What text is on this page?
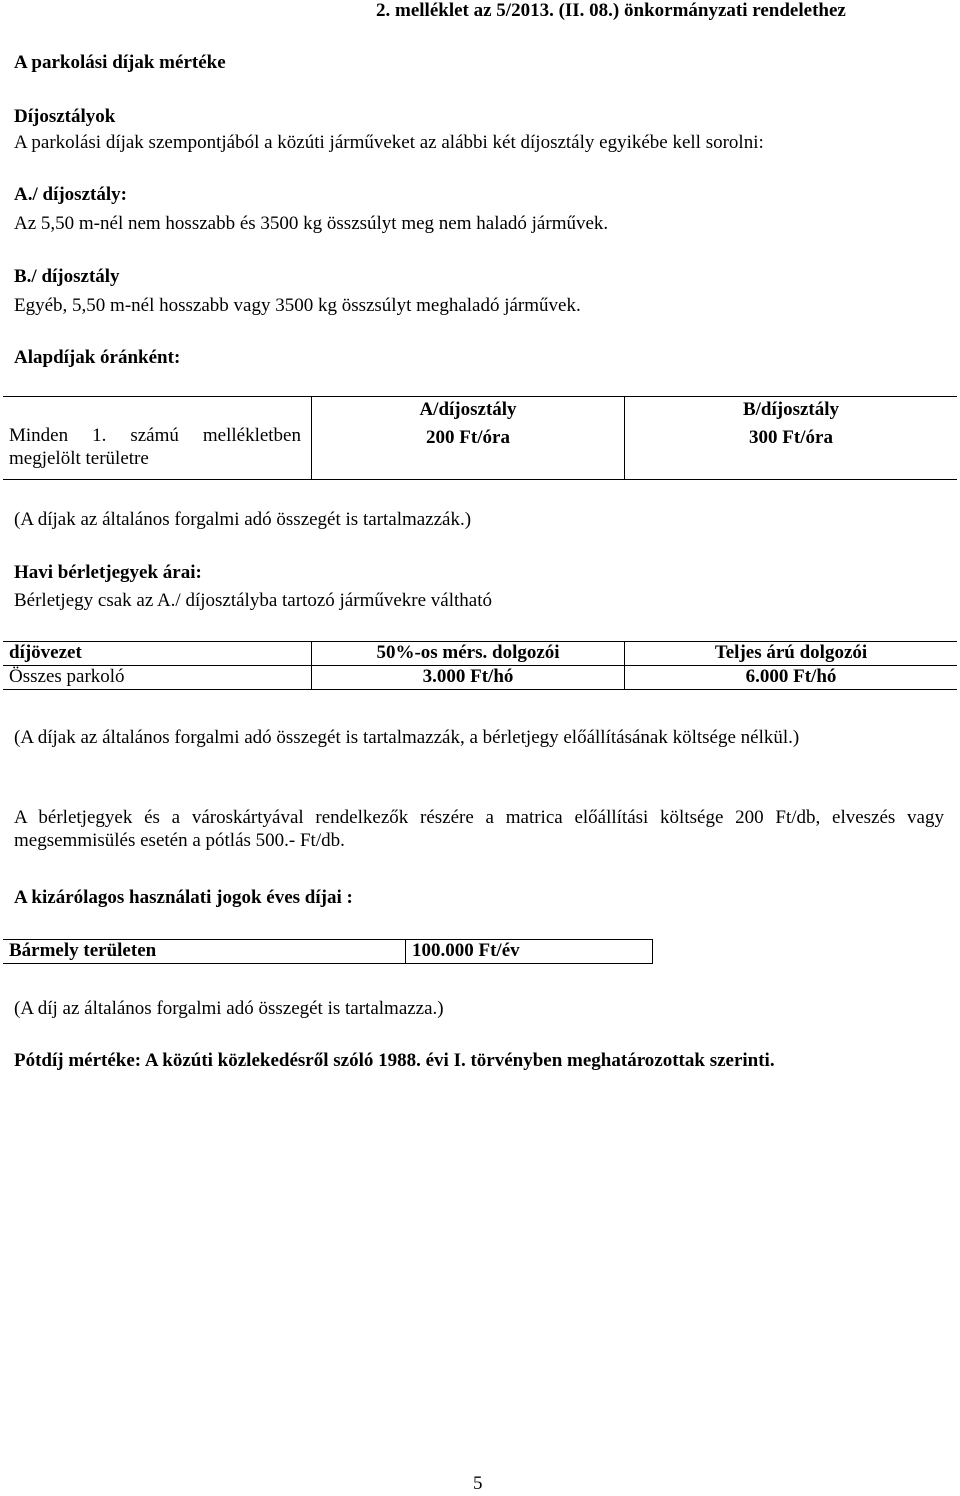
2. melléklet az 5/2013. (II. 08.) önkormányzati rendelethez
A parkolási díjak mértéke
Díjosztályok
A parkolási díjak szempontjából a közúti járműveket az alábbi két díjosztály egyikébe kell sorolni:
A./ díjosztály:
Az 5,50 m-nél nem hosszabb és 3500 kg összsúlyt meg nem haladó járművek.
B./ díjosztály
Egyéb, 5,50 m-nél hosszabb vagy 3500 kg összsúlyt meghaladó járművek.
Alapdíjak óránként:
Minden 1. számú mellékletben megjelölt területre	A/díjosztály	B/díjosztály
	200 Ft/óra	300 Ft/óra
(A díjak az általános forgalmi adó összegét is tartalmazzák.)
Havi bérletjegyek árai:
Bérletjegy csak az A./ díjosztályba tartozó járművekre váltható
díjövezet	50%-os mérs. dolgozói	Teljes árú dolgozói
Összes parkoló	3.000 Ft/hó	6.000 Ft/hó
(A díjak az általános forgalmi adó összegét is tartalmazzák, a bérletjegy előállításának költsége nélkül.)
A bérletjegyek és a városkártyával rendelkezők részére a matrica előállítási költsége 200 Ft/db, elveszés vagy megsemmisülés esetén a pótlás 500.- Ft/db.
A kizárólagos használati jogok éves díjai :
Bármely területen	100.000 Ft/év
(A díj az általános forgalmi adó összegét is tartalmazza.)
Pótdíj mértéke: A közúti közlekedésről szóló 1988. évi I. törvényben meghatározottak szerinti.
5
